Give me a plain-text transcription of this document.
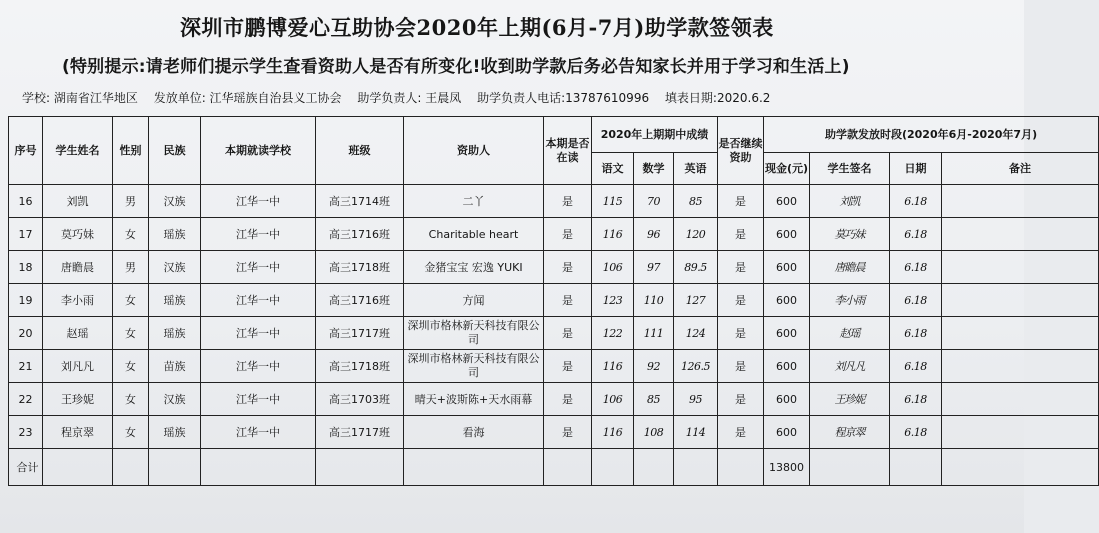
深圳市鹏博爱心互助协会2020年上期(6月-7月)助学款签领表
(特别提示:请老师们提示学生查看资助人是否有所变化!收到助学款后务必告知家长并用于学习和生活上)
学校: 湖南省江华地区 发放单位: 江华瑶族自治县义工协会 助学负责人: 王晨凤 助学负责人电话:13787610996 填表日期:2020.6.2
序号	学生姓名	性别	民族	本期就读学校	班级	资助人	本期是否在读	2020年上期期中成绩			是否继续资助	助学款发放时段(2020年6月-2020年7月)			
								语文	数学	英语		现金(元)	学生签名	日期	备注
16	刘凯	男	汉族	江华一中	高三1714班	二丫	是	115	70	85	是	600	刘凯	6.18	
17	莫巧妹	女	瑶族	江华一中	高三1716班	Charitable heart	是	116	96	120	是	600	莫巧妹	6.18	
18	唐瞻晨	男	汉族	江华一中	高三1718班	金猪宝宝 宏逸 YUKI	是	106	97	89.5	是	600	唐瞻晨	6.18	
19	李小雨	女	瑶族	江华一中	高三1716班	方闻	是	123	110	127	是	600	李小雨	6.18	
20	赵瑶	女	瑶族	江华一中	高三1717班	深圳市格林新天科技有限公司	是	122	111	124	是	600	赵瑶	6.18	
21	刘凡凡	女	苗族	江华一中	高三1718班	深圳市格林新天科技有限公司	是	116	92	126.5	是	600	刘凡凡	6.18	
22	王珍妮	女	汉族	江华一中	高三1703班	晴天+波斯陈+天水雨幕	是	106	85	95	是	600	王珍妮	6.18	
23	程京翠	女	瑶族	江华一中	高三1717班	看海	是	116	108	114	是	600	程京翠	6.18	
合计												13800			
